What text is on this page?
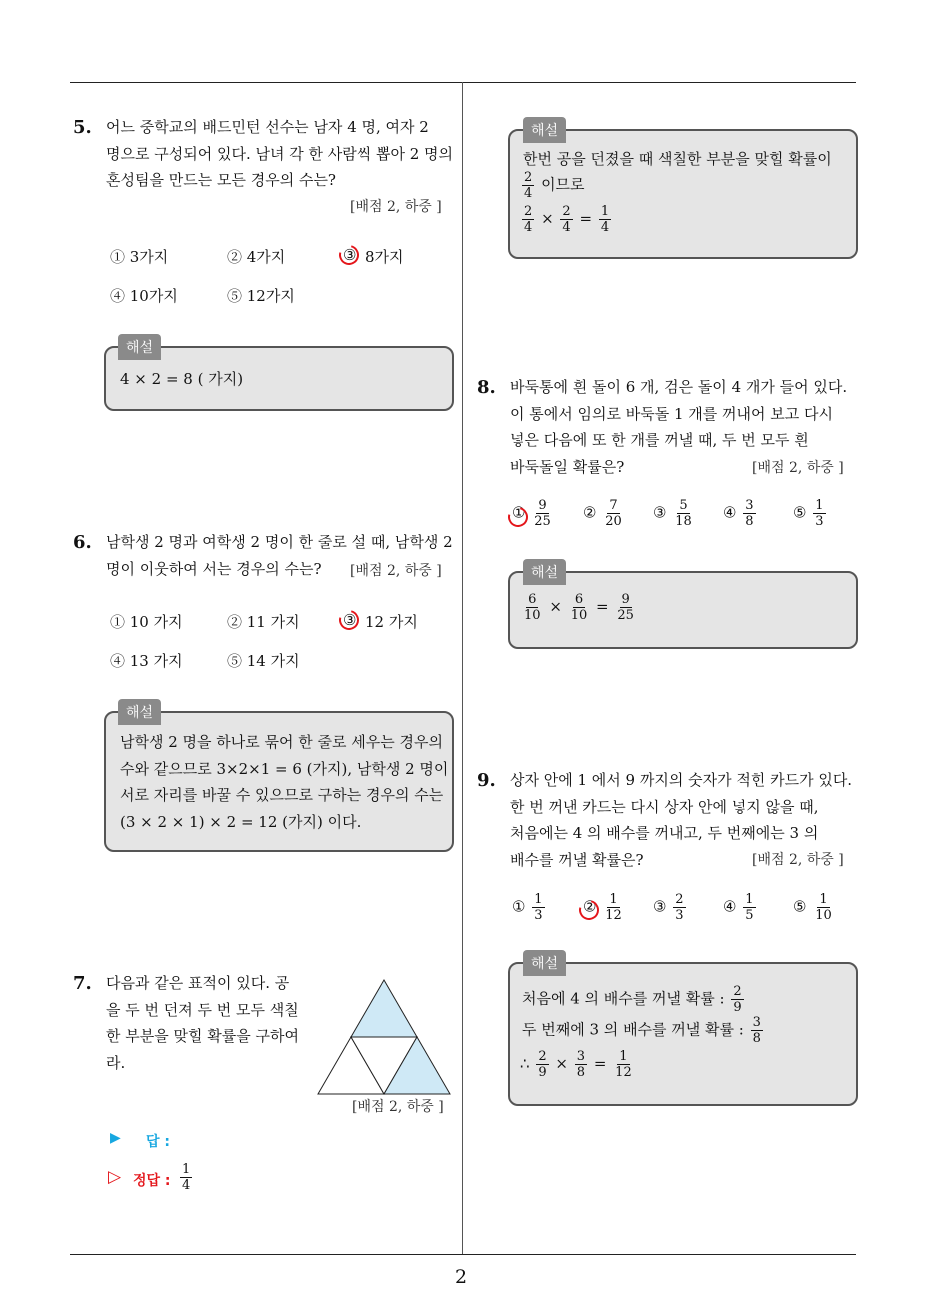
2
5. 어느 중학교의 배드민턴 선수는 남자 4 명, 여자 2
명으로 구성되어 있다. 남녀 각 한 사람씩 뽑아 2 명의
혼성팀을 만드는 모든 경우의 수는?
[배점 2, 하중 ]
① 3가지	② 4가지	③ 8가지
④ 10가지	⑤ 12가지
해설
4 × 2 = 8 ( 가지)
6. 남학생 2 명과 여학생 2 명이 한 줄로 설 때, 남학생 2
명이 이웃하여 서는 경우의 수는?	[배점 2, 하중 ]
① 10 가지	② 11 가지	③ 12 가지
④ 13 가지	⑤ 14 가지
해설
남학생 2 명을 하나로 묶어 한 줄로 세우는 경우의
수와 같으므로 3×2×1 = 6 (가지), 남학생 2 명이
서로 자리를 바꿀 수 있으므로 구하는 경우의 수는
(3 × 2 × 1) × 2 = 12 (가지) 이다.
7. 다음과 같은 표적이 있다. 공
을 두 번 던져 두 번 모두 색칠
한 부분을 맞힐 확률을 구하여
라.
[배점 2, 하중 ]
▶ 답 :
▷ 정답 : $\frac{1}{4}$
해설
한번 공을 던졌을 때 색칠한 부분을 맞힐 확률이
$\frac{2}{4}$ 이므로
$\frac{2}{4} \times \frac{2}{4} = \frac{1}{4}$
8. 바둑통에 흰 돌이 6 개, 검은 돌이 4 개가 들어 있다.
이 통에서 임의로 바둑돌 1 개를 꺼내어 보고 다시
넣은 다음에 또 한 개를 꺼낼 때, 두 번 모두 흰
바둑돌일 확률은?	[배점 2, 하중 ]
① $\frac{9}{25}$ ② $\frac{7}{20}$ ③ $\frac{5}{18}$ ④ $\frac{3}{8}$ ⑤ $\frac{1}{3}$
해설
$\frac{6}{10} \times \frac{6}{10} = \frac{9}{25}$
9. 상자 안에 1 에서 9 까지의 숫자가 적힌 카드가 있다.
한 번 꺼낸 카드는 다시 상자 안에 넣지 않을 때,
처음에는 4 의 배수를 꺼내고, 두 번째에는 3 의
배수를 꺼낼 확률은?	[배점 2, 하중 ]
① $\frac{1}{3}$	② $\frac{1}{12}$ ③ $\frac{2}{3}$ ④ $\frac{1}{5}$ ⑤ $\frac{1}{10}$
해설
처음에 4 의 배수를 꺼낼 확률 : $\frac{2}{9}$
두 번째에 3 의 배수를 꺼낼 확률 : $\frac{3}{8}$
∴ $\frac{2}{9} \times \frac{3}{8} = \frac{1}{12}$
